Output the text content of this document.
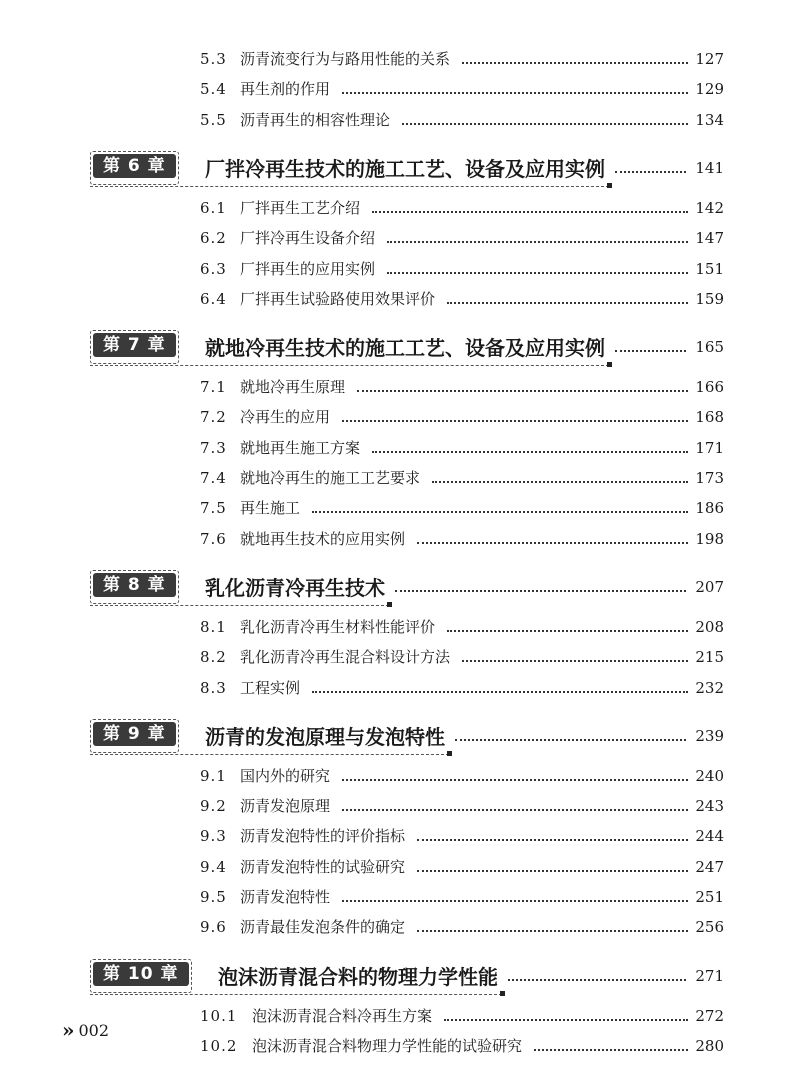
5.3 沥青流变行为与路用性能的关系	127
5.4 再生剂的作用	129
5.5 沥青再生的相容性理论	134
第 6 章	厂拌冷再生技术的施工工艺、设备及应用实例	141
6.1 厂拌再生工艺介绍	142
6.2 厂拌冷再生设备介绍	147
6.3 厂拌再生的应用实例	151
6.4 厂拌再生试验路使用效果评价	159
第 7 章	就地冷再生技术的施工工艺、设备及应用实例	165
7.1 就地冷再生原理	166
7.2 冷再生的应用	168
7.3 就地再生施工方案	171
7.4 就地冷再生的施工工艺要求	173
7.5 再生施工	186
7.6 就地再生技术的应用实例	198
第 8 章	乳化沥青冷再生技术	207
8.1 乳化沥青冷再生材料性能评价	208
8.2 乳化沥青冷再生混合料设计方法	215
8.3 工程实例	232
第 9 章	沥青的发泡原理与发泡特性	239
9.1 国内外的研究	240
9.2 沥青发泡原理	243
9.3 沥青发泡特性的评价指标	244
9.4 沥青发泡特性的试验研究	247
9.5 沥青发泡特性	251
9.6 沥青最佳发泡条件的确定	256
第 10 章	泡沫沥青混合料的物理力学性能	271
10.1 泡沫沥青混合料冷再生方案	272
10.2 泡沫沥青混合料物理力学性能的试验研究	280
» 002
